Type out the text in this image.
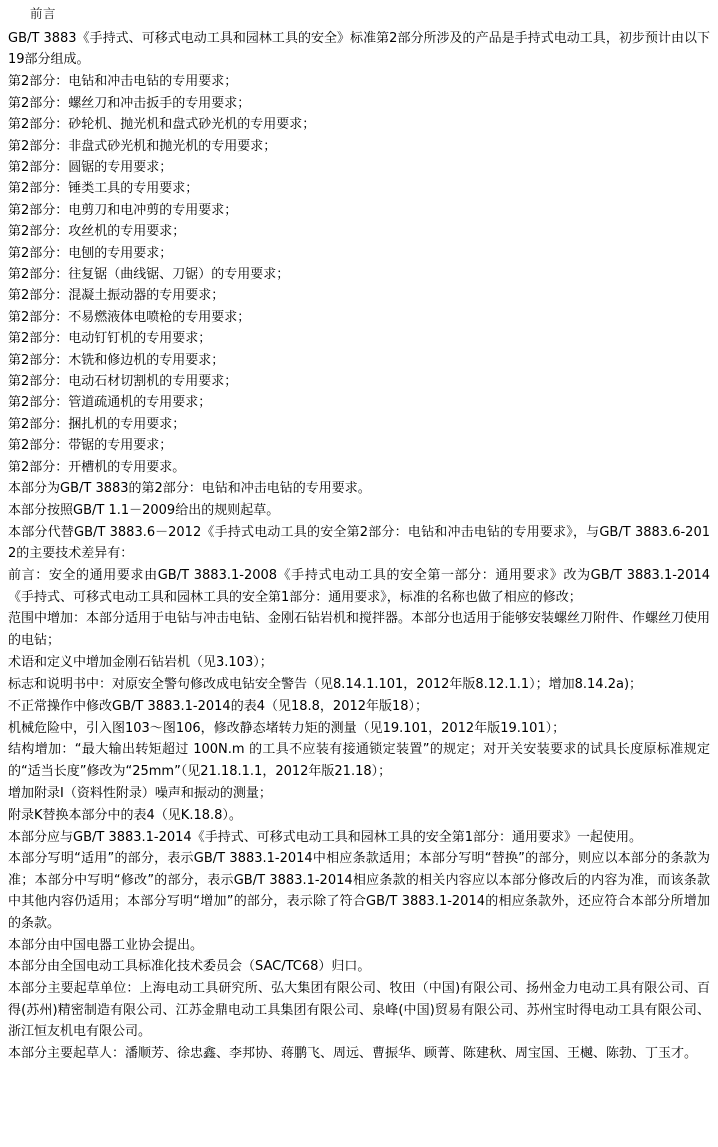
前言

GB/T 3883《手持式、可移式电动工具和园林工具的安全》标准第2部分所涉及的产品是手持式电动工具，初步预计由以下19部分组成。

第2部分：电钻和冲击电钻的专用要求；
第2部分：螺丝刀和冲击扳手的专用要求；
第2部分：砂轮机、抛光机和盘式砂光机的专用要求；
第2部分：非盘式砂光机和抛光机的专用要求；
第2部分：圆锯的专用要求；
第2部分：锤类工具的专用要求；
第2部分：电剪刀和电冲剪的专用要求；
第2部分：攻丝机的专用要求；
第2部分：电刨的专用要求；
第2部分：往复锯（曲线锯、刀锯）的专用要求；
第2部分：混凝土振动器的专用要求；
第2部分：不易燃液体电喷枪的专用要求；
第2部分：电动钉钉机的专用要求；
第2部分：木铣和修边机的专用要求；
第2部分：电动石材切割机的专用要求；
第2部分：管道疏通机的专用要求；
第2部分：捆扎机的专用要求；
第2部分：带锯的专用要求；
第2部分：开槽机的专用要求。

本部分为GB/T 3883的第2部分：电钻和冲击电钻的专用要求。

本部分按照GB/T 1.1－2009给出的规则起草。

本部分代替GB/T 3883.6－2012《手持式电动工具的安全第2部分：电钻和冲击电钻的专用要求》，与GB/T 3883.6-2012的主要技术差异有：

前言：安全的通用要求由GB/T 3883.1-2008《手持式电动工具的安全第一部分：通用要求》改为GB/T 3883.1-2014《手持式、可移式电动工具和园林工具的安全第1部分：通用要求》，标准的名称也做了相应的修改；

范围中增加：本部分适用于电钻与冲击电钻、金刚石钻岩机和搅拌器。本部分也适用于能够安装螺丝刀附件、作螺丝刀使用的电钻；

术语和定义中增加金刚石钻岩机（见3.103）；

标志和说明书中：对原安全警句修改成电钻安全警告（见8.14.1.101，2012年版8.12.1.1）；增加8.14.2a)；

不正常操作中修改GB/T 3883.1-2014的表4（见18.8，2012年版18）；

机械危险中，引入图103～图106，修改静态堵转力矩的测量（见19.101，2012年版19.101）；

结构增加：“最大输出转矩超过 100N.m 的工具不应装有接通锁定装置”的规定；对开关安装要求的试具长度原标准规定的“适当长度”修改为“25mm”（见21.18.1.1，2012年版21.18）；

增加附录I（资料性附录）噪声和振动的测量；

附录K替换本部分中的表4（见K.18.8）。

本部分应与GB/T 3883.1-2014《手持式、可移式电动工具和园林工具的安全第1部分：通用要求》一起使用。

本部分写明“适用”的部分，表示GB/T 3883.1-2014中相应条款适用；本部分写明“替换”的部分，则应以本部分的条款为准；本部分中写明“修改”的部分，表示GB/T 3883.1-2014相应条款的相关内容应以本部分修改后的内容为准，而该条款中其他内容仍适用；本部分写明“增加”的部分，表示除了符合GB/T 3883.1-2014的相应条款外，还应符合本部分所增加的条款。

本部分由中国电器工业协会提出。

本部分由全国电动工具标准化技术委员会（SAC/TC68）归口。

本部分主要起草单位：上海电动工具研究所、弘大集团有限公司、牧田（中国)有限公司、扬州金力电动工具有限公司、百得(苏州)精密制造有限公司、江苏金鼎电动工具集团有限公司、泉峰(中国)贸易有限公司、苏州宝时得电动工具有限公司、浙江恒友机电有限公司。

本部分主要起草人：潘顺芳、徐忠鑫、李邦协、蒋鹏飞、周远、曹振华、顾菁、陈建秋、周宝国、王樾、陈勃、丁玉才。
